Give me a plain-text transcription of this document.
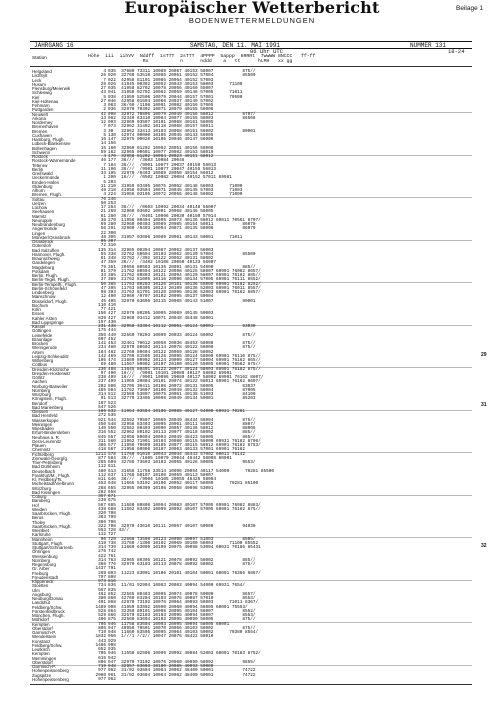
Europäischer Wetterbericht	Beilage 1
BODENWETTERMELDUNGEN
JAHRGANG 16	SAMSTAG, DEN 11. MAI 1991	NUMMER 131
06 Uhr UTC	18-24
Station	Höhe  iii  iihVV  Nddff  1sTTT  2sTTT  4PPPP  5appp  6RRRt  7wwWW 8NCCC   ff-ff
Rx           n      nddd    a   tt      hLMH   xx gg
Helgoland	4 035  37680 73311 10089 20067 40153 58007           875//
List/Sylt	26 020  32760 53510 10085 20061 40152 57004           85500
Leck	7 022  42958 81101 10085 20064 40152 57003
Husum	28 026  41945 00302 10052 20043 40153 58003      71100
Flensburg/Meierwik	27 035  41958 82702 10078 20056 40160 55007
Schleswig	43 041  31958 02702 10062 20059 40148 57005      71011
Kiel	5 038  41959 52506 10079 20044 40157 57001      70500
Kiel-Holtenau	27 046  42958 01504 10066 20037 40149 57002
Fehmarn	3 063  36/60 /1108 10091 20082 40156 57005
Puttgarden	2 036  32970 70302 10071 20079 40155 56006
Neuwelt	42 098  32972 70805 10079 20049 40156 58012           8707/
Arkona	13 062  32340 63410 10084 20077 40155 58003           86508
Norderney	12 093  32960 03507 10101 20068 40161 58005
Bremerhaven	7 073  32962 31402 10118 20068 40157 56011
Bremen	3 30   32962 33413 10103 20068 40151 56002           80001
Cuxhaven	5 130  42974 00000 10105 20045 40143 56005
Hamburg, Flugh.	16 147  32975 00020 10105 20046 40147 56006
Lübeck-Blankensee	14 156
Boltenhagen	15 160  32960 01202 10092 20051 40156 58008
Schwerin	59 162  32965 00601 10077 20082 40153 58010
Rostock	4 170  32958 81202 10084 20023 40151 58012
Rostock-Warnemünde	46 177  36///  /3603 10084 20046
Teterow	7 184  36///  /9901 10077 20037 40150 56013
Berlin	11 190  36///  /9901 10077 20047 40155 56013
Greifswald	33 195  32970 /0403 10089 20050 40154 56012
Ueckermünde	1 200  16///  /0502 10082 20084 40152 57011 69981
Emden-Hafen	5 203
Oldenburg	11 210  31959 03405 10075 20052 40148 56003      71000
Alhorn	49 218  41958 03504 10071 20045 40145 57003      71003
Bremen, Flugh.	4 224  31956 03105 10072 20056 40148 56002      71000
Soltau	76 246
Uelzen	50 253
Lüchow	17 264  36///  /0603 10092 20034 40148 56007
Seehausen	21 269  32960 03602 10091 20068 40146 56005
Marnitz	81 280  36///  /0401 10096 20039 40150 57014
Neuruppin	38 270  11958 80404 10095 20073 40136 58012 69811 70561 8707/
Neubrandenburg	69 280  32960 00403 10089 20085 40154 58011           86070
Angermünde	56 291  32960 /0403 10094 20071 40135 58008           86070
Lingen	22 300
Münster/Osnabrück	48 305  31957 03606 10089 20061 40143 50001      71011
Osnabrück	95 307
Gütersloh	72 310
Bad Salzuflen	135 314  32965 00304 10087 20052 40137 56003
Hannover, Flugh.	55 338  32762 50604 10103 20062 40130 57004           85500
Braunschweig	81 348  32762 //302 10122 20062 40131 58002
Gardelegen	47 359  36///  /3402 10106 20060 40133 56007
Magdeburg	79 361  20656 80503 10135 20091 40131 54000           885//
Potsdam	81 379  21762 80504 10122 20098 40125 58007 69901 76082 8657/
Berlin, Flugh.	33 385  21762 80803 10121 20094 40120 58007 69901 76182 885//
Berlin-Tegel, Flugh.	37 389  21762 81005 10116 20096 40134 57005 69901 76111 8552/
Berlin-Tempelh., Flugh.	50 385  11763 80203 10126 20101 40136 55005 69901 76182 8252/
Berlin-Schönefeld	47 395  11763 80305 10124 20109 40136 52003 69901 76011 8557/
Lindenberg	98 393  31762 81701 10120 20096 40136 52003 69901 76162 8857/
Manschnow	12 400  32960 /0707 10102 20095 40137 50004
Düsseldorf, Flugh.	45 405  32970 63606 10115 20065 40143 51007           80001
Bochum	110 410
Köln	77 421
Essen	150 427  32970 80205 10095 20069 40145 50003
Kahler Asten	839 427  32960 03412 10071 20048 48448 58001
Bad Lippspringe	157 430
Kassel	231 438  32958 33304 10112 20061 40124 50001           93030
Göttingen	175 444
Leinefelde	356 449  32560 70203 10099 20033 40124 56002           875//
Braunlage	607 452
Brocken	142 453  32461 70612 10058 20036 48453 58008           875//
Wernigerode	234 460  32970 80603 10114 20078 40122 58000           875//
Artern	164 462  22760 80604 10122 20089 40128 58002
Leipzig-Schkeuditz	142 469  32760 81505 10126 20095 40124 58000 69901 76110 875//
Wittenberg	105 474  21660 80902 10124 20099 40127 58004 69901 76162 865//
Cottbus	69 480  11567 80902 10107 20100 40120 55005 69901 76582 875//
Dresden-Klotzsche	230 488  11645 80401 10122 20077 40124 58003 69901 76182 875//
Dresden-Hosterwitz	97 490  16///  /9901 10101 20089 40127 58002 69901
Görlitz	238 499  16///  /9901 10096 20089 40127 58002 69901 76162 8607/
Aachen	237 499  11965 20804 10101 20074 40122 58013 69901 76162 8607/
Nürburg-Barweiler	202 500  32705 30411 10108 20072 40131 56005           83037
Nürnberg	485 504  11762 73007 10100 20049 40132 58004           87005
Würzburg	314 512  32560 53007 10075 20051 40138 51003           84100
Königstein, Flugh.	91 513  32770 23405 10098 20049 40134 50001           85203
Bendorf	107 523
Bad Marienberg	547 526
Giessen	186 532  11964 03504 10106 20065 40127 54000 69931 70281
Bad Hersfeld	272 535
Wasserkuppe	921 544  32562 70507 10065 20049 48434 58004           875//
Meiningen	450 548  32958 83403 10095 20061 40111 56002           8807/
Wiesbaden	140 550  32562 80403 10090 20057 40136 58012           88005
Erfurt-Bindersleben	316 552  32962 80102 10113 20077 40118 58002           885//
Neuhaus a. R.	845 557  32958 80604 10093 20049 48423 58005           865//
Gera-Leumnitz	311 560  21962 71901 10103 20080 40115 58000 69931 76182 8706/
Plauen	386 577  11958 70609 10105 20077 40115 58012 69901 76182 6753/
Chemnitz	418 567  21958 60906 10107 20063 40133 57001 69901 76182
Fichtelberg	1213 578  11760 91010 10044 20044 48443 57002 60011 76142
Zinnwald-Georgfg.	877 584  36///  /1605 10070 20044 48442 58008 60001
Trier-Petrisberg	265 609  32786 73603 10103 20055 40128 50005           9553/
Bad Dürkheim	112 611
Deuselbach	480 613  31658 11758 33514 10096 20054 40117 54000      70281 85500
Frankfurt/M., Flugh.	112 637  11768 50107 10108 20059 40113 58007
Kl. Feldberg/Ts.	811 646  36///  /9904 10105 20055 48425 58004
Michelstadt/Vielbrunn	453 648  11665 53102 10106 20052 40117 58009      70281 85100
Würzburg	268 655  32965 00309 10108 20058 40098 53001
Bad Kissingen	282 658
Coburg	357 671
Bamberg	239 675
Hof	567 685  11660 80808 10094 20083 40107 57005 69901 76082 8883/
Weiden	438 688  11562 83402 10099 20092 40107 57005 69901 76182 875//
Saarbrücken, Flugh.	320 708
Berus	363 709
Tholey	386 706
Saarbrücken, Flugh.	322 708  32970 43610 10111 20057 40107 50000           94030
Weinbiet	553 728 43//
Karlsruhe	112 727
Mannheim	96 729  22660 73508 10123 20090 40097 51003           8505/
Stuttgart, Flugh.	419 738  31760 /1300 10102 20069 40100 58003      71100 85552
Stuttgart/Schnarrenb.	314 739  11669 63009 10109 20075 40098 53004 60031 70186 85431
Öhringen	276 742
Weissenburg	422 761
Nürnberg	314 763  32965 80305 10121 20078 40092 58002           885//
Regensburg	366 776  32970 63103 10113 20078 40092 58002           875//
Gr. Arber	1437 791
Freiburg	269 803  11223 83001 10106 20101 40104 50001 60091 76366 6867/
Freudenstadt	797 808
Klippeneck	973 816
Stoetten	734 836  11/01 92904 10083 20083 40094 54000 69931 7654/
Ulm	567 835
Augsburg	462 852  32565 80403 10095 20074 40078 50000           8657/
Neuburg/Donau	380 860  42760 83204 10103 20076 40087 57010           8553/
Landshut	401 868  42970 73102 10076 20064 40093 58003      71011 8367/
Feldberg/Schw.	1489 908  41959 83502 10090 20060 40094 58005 60001 75553/
Fürstenfeldbruck	528 864  32350 80101 10098 20095 40104 56007           8552/
München, Flugh.	529 866  32570 82103 10103 20095 40094 58007           8553/
Mühldorf	406 875  32560 83604 10103 20095 40090 58005           875//
Kempten	705 946  11758 83604 10093 20095 40094 58005 60001
Oberstdorf	806 947  40958 70501 10070 20056 40103 58002           875//
Garmisch-P.	719 948  11660 83505 10095 20064 40103 50002      70380 8554/
Wendelstein	1832 950  1///1 //2// 10047 20076 48422 58010
Konstanz	443 929
Feldberg/Schw.	1486 908
Leutkirch	652 935
Kempten	705 946  11558 82506 10096 20092 40084 52003 60001 70183 8752/
Memmingen	615 942
Oberstdorf	806 947  32970 73102 10076 20060 40090 58002           9855/
Garmisch-P.	719 948  32957 83603 10100 20065 40093 50000
Hohenpeissenberg	977 962  31/02 93604 10064 20062 48400 50001           74722
Zugspitze	2960 961  31/02 93604 10064 20062 48400 50001           74722
Hohenpeissenberg	977 962
29
31
32
